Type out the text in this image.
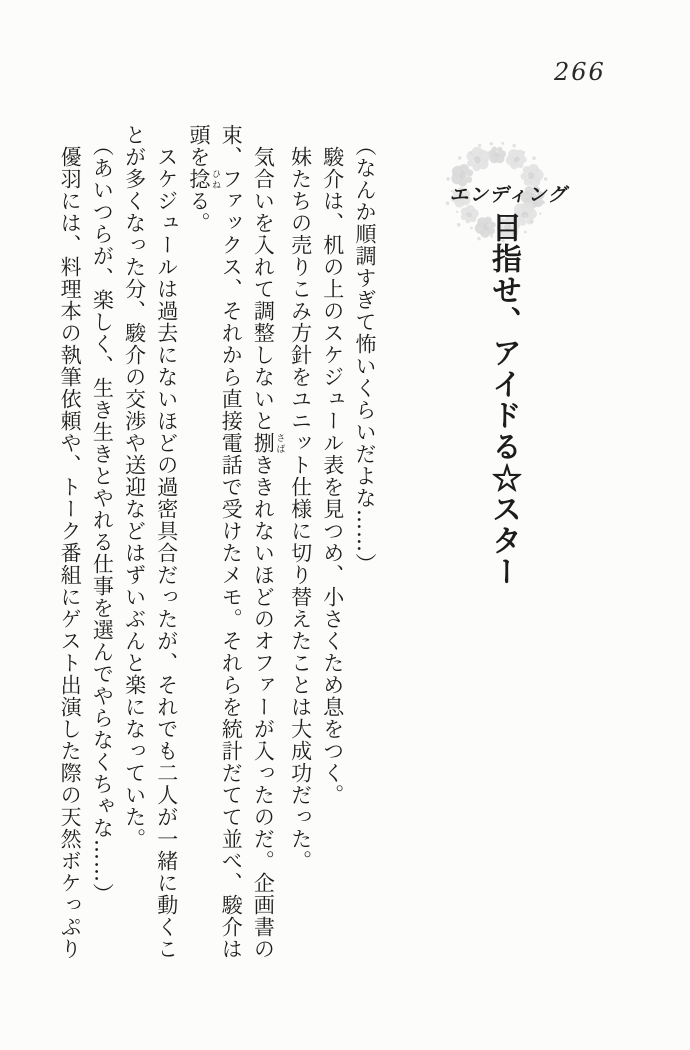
266
エンディング
目指せ、アイドる☆スター

（なんか順調すぎて怖いくらいだよな……）

駿介は、机の上のスケジュール表を見つめ、小さくため息をつく。

妹たちの売りこみ方針をユニット仕様に切り替えたことは大成功だった。

気合いを入れて調整しないと捌 さばききれないほどのオファーが入ったのだ。企画書の束、ファックス、それから直接電話で受けたメモ。それらを統計だてて並べ、駿介は頭を捻 ひねる。

スケジュールは過去にないほどの過密具合だったが、それでも二人が一緒に動くことが多くなった分、駿介の交渉や送迎などはずいぶんと楽になっていた。

（あいつらが、楽しく、生き生きとやれる仕事を選んでやらなくちゃな……）

優羽には、料理本の執筆依頼や、トーク番組にゲスト出演した際の天然ボケっぷり
